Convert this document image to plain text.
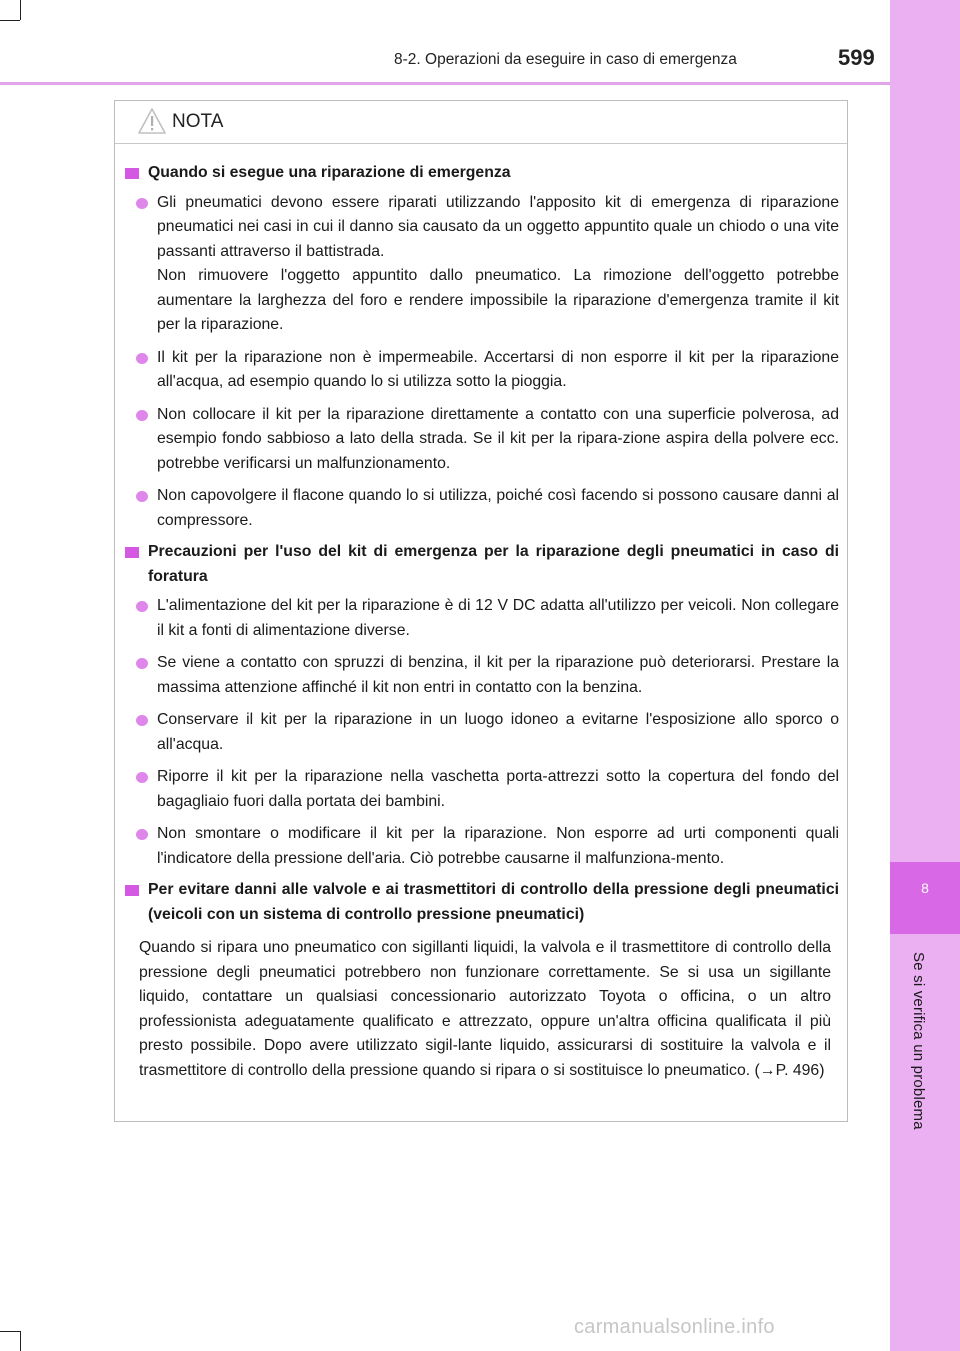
8
Se si verifica un problema
8-2. Operazioni da eseguire in caso di emergenza	599
NOTA
Quando si esegue una riparazione di emergenza
Gli pneumatici devono essere riparati utilizzando l'apposito kit di emergenza di riparazione pneumatici nei casi in cui il danno sia causato da un oggetto appuntito quale un chiodo o una vite passanti attraverso il battistrada.
Non rimuovere l'oggetto appuntito dallo pneumatico. La rimozione dell'oggetto potrebbe aumentare la larghezza del foro e rendere impossibile la riparazione d'emergenza tramite il kit per la riparazione.
Il kit per la riparazione non è impermeabile. Accertarsi di non esporre il kit per la riparazione all'acqua, ad esempio quando lo si utilizza sotto la pioggia.
Non collocare il kit per la riparazione direttamente a contatto con una superficie polverosa, ad esempio fondo sabbioso a lato della strada. Se il kit per la ripara-zione aspira della polvere ecc. potrebbe verificarsi un malfunzionamento.
Non capovolgere il flacone quando lo si utilizza, poiché così facendo si possono causare danni al compressore.
Precauzioni per l'uso del kit di emergenza per la riparazione degli pneumatici in caso di foratura
L'alimentazione del kit per la riparazione è di 12 V DC adatta all'utilizzo per veicoli. Non collegare il kit a fonti di alimentazione diverse.
Se viene a contatto con spruzzi di benzina, il kit per la riparazione può deteriorarsi. Prestare la massima attenzione affinché il kit non entri in contatto con la benzina.
Conservare il kit per la riparazione in un luogo idoneo a evitarne l'esposizione allo sporco o all'acqua.
Riporre il kit per la riparazione nella vaschetta porta-attrezzi sotto la copertura del fondo del bagagliaio fuori dalla portata dei bambini.
Non smontare o modificare il kit per la riparazione. Non esporre ad urti componenti quali l'indicatore della pressione dell'aria. Ciò potrebbe causarne il malfunziona-mento.
Per evitare danni alle valvole e ai trasmettitori di controllo della pressione degli pneumatici (veicoli con un sistema di controllo pressione pneumatici)
Quando si ripara uno pneumatico con sigillanti liquidi, la valvola e il trasmettitore di controllo della pressione degli pneumatici potrebbero non funzionare correttamente. Se si usa un sigillante liquido, contattare un qualsiasi concessionario autorizzato Toyota o officina, o un altro professionista adeguatamente qualificato e attrezzato, oppure un'altra officina qualificata il più presto possibile. Dopo avere utilizzato sigil-lante liquido, assicurarsi di sostituire la valvola e il trasmettitore di controllo della pressione quando si ripara o si sostituisce lo pneumatico. (→P. 496)
carmanualsonline.info
